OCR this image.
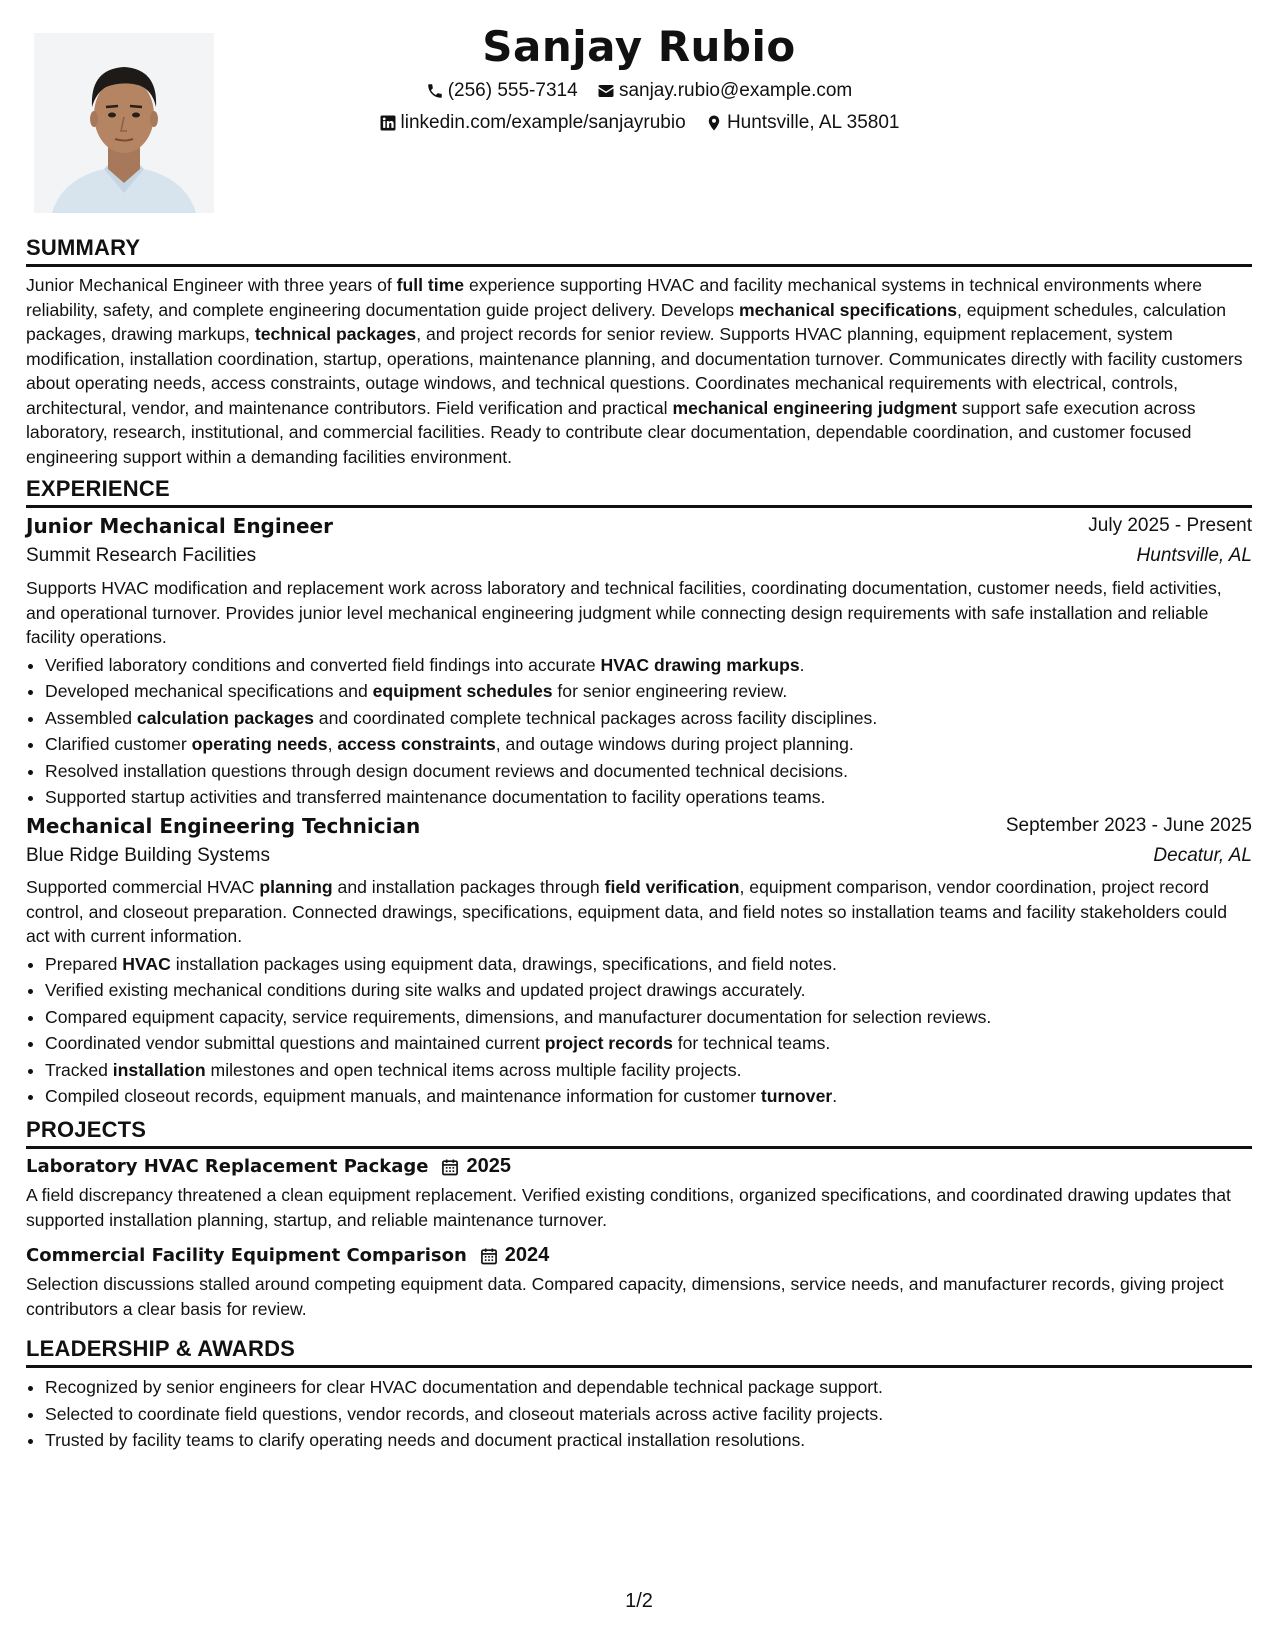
Sanjay Rubio
(256) 555-7314
sanjay.rubio@example.com
linkedin.com/example/sanjayrubio
Huntsville, AL 35801
SUMMARY

Junior Mechanical Engineer with three years of full time experience supporting HVAC and facility mechanical systems in technical environments where reliability, safety, and complete engineering documentation guide project delivery. Develops mechanical specifications, equipment schedules, calculation packages, drawing markups, technical packages, and project records for senior review. Supports HVAC planning, equipment replacement, system modification, installation coordination, startup, operations, maintenance planning, and documentation turnover. Communicates directly with facility customers about operating needs, access constraints, outage windows, and technical questions. Coordinates mechanical requirements with electrical, controls, architectural, vendor, and maintenance contributors. Field verification and practical mechanical engineering judgment support safe execution across laboratory, research, institutional, and commercial facilities. Ready to contribute clear documentation, dependable coordination, and customer focused engineering support within a demanding facilities environment.

EXPERIENCE
Junior Mechanical Engineer	July 2025 - Present
Summit Research Facilities	Huntsville, AL

Supports HVAC modification and replacement work across laboratory and technical facilities, coordinating documentation, customer needs, field activities, and operational turnover. Provides junior level mechanical engineering judgment while connecting design requirements with safe installation and reliable facility operations.

• Verified laboratory conditions and converted field findings into accurate HVAC drawing markups.
• Developed mechanical specifications and equipment schedules for senior engineering review.
• Assembled calculation packages and coordinated complete technical packages across facility disciplines.
• Clarified customer operating needs, access constraints, and outage windows during project planning.
• Resolved installation questions through design document reviews and documented technical decisions.
• Supported startup activities and transferred maintenance documentation to facility operations teams.
Mechanical Engineering Technician	September 2023 - June 2025
Blue Ridge Building Systems	Decatur, AL

Supported commercial HVAC planning and installation packages through field verification, equipment comparison, vendor coordination, project record control, and closeout preparation. Connected drawings, specifications, equipment data, and field notes so installation teams and facility stakeholders could act with current information.

• Prepared HVAC installation packages using equipment data, drawings, specifications, and field notes.
• Verified existing mechanical conditions during site walks and updated project drawings accurately.
• Compared equipment capacity, service requirements, dimensions, and manufacturer documentation for selection reviews.
• Coordinated vendor submittal questions and maintained current project records for technical teams.
• Tracked installation milestones and open technical items across multiple facility projects.
• Compiled closeout records, equipment manuals, and maintenance information for customer turnover.
PROJECTS
Laboratory HVAC Replacement Package 2025

A field discrepancy threatened a clean equipment replacement. Verified existing conditions, organized specifications, and coordinated drawing updates that supported installation planning, startup, and reliable maintenance turnover.

Commercial Facility Equipment Comparison 2024

Selection discussions stalled around competing equipment data. Compared capacity, dimensions, service needs, and manufacturer records, giving project contributors a clear basis for review.

LEADERSHIP & AWARDS
• Recognized by senior engineers for clear HVAC documentation and dependable technical package support.
• Selected to coordinate field questions, vendor records, and closeout materials across active facility projects.
• Trusted by facility teams to clarify operating needs and document practical installation resolutions.
1/2
